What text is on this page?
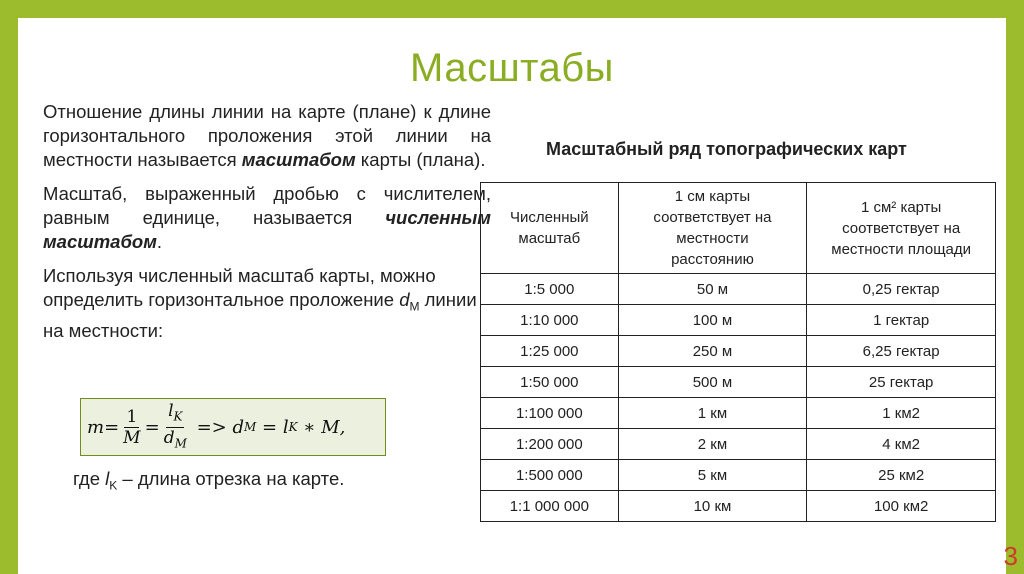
Масштабы

Отношение длины линии на карте (плане) к длине горизонтального проложения этой линии на местности называется масштабом карты (плана).

Масштаб, выраженный дробью с числителем, равным единице, называется численным масштабом.

Используя численный масштаб карты, можно определить горизонтальное проложение $d_M$ линии на местности:

$m = \frac{1}{M} = \frac{l_K}{d_M} => d$ M = l K ∗ M,
где $l_K$ – длина отрезка на карте.
Масштабный ряд топографических карт
Численный масштаб	1 см карты соответствует на местности расстоянию	1 см² карты соответствует на местности площади
1:5 000	50 м	0,25 гектар
1:10 000	100 м	1 гектар
1:25 000	250 м	6,25 гектар
1:50 000	500 м	25 гектар
1:100 000	1 км	1 км2
1:200 000	2 км	4 км2
1:500 000	5 км	25 км2
1:1 000 000	10 км	100 км2
3
